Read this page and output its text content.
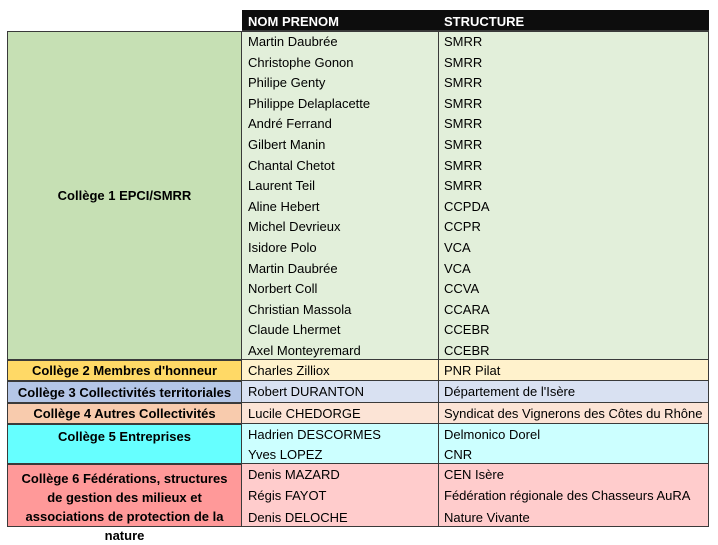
NOM PRENOM	STRUCTURE
Collège 1 EPCI/SMRR
Martin Daubrée	SMRR
Christophe Gonon	SMRR
Philipe Genty	SMRR
Philippe Delaplacette	SMRR
André Ferrand	SMRR
Gilbert Manin	SMRR
Chantal Chetot	SMRR
Laurent Teil	SMRR
Aline Hebert	CCPDA
Michel Devrieux	CCPR
Isidore Polo	VCA
Martin Daubrée	VCA
Norbert Coll	CCVA
Christian Massola	CCARA
Claude Lhermet	CCEBR
Axel Monteyremard	CCEBR
Collège 2 Membres d'honneur	Charles Zilliox	PNR Pilat
Collège 3 Collectivités territoriales	Robert DURANTON	Département de l'Isère
Collège 4 Autres Collectivités	Lucile CHEDORGE	Syndicat des Vignerons des Côtes du Rhône
Collège 5 Entreprises	Hadrien DESCORMES	Delmonico Dorel
Yves LOPEZ	CNR
Collège 6 Fédérations, structures de gestion des milieux et associations de protection de la nature
Denis MAZARD	CEN Isère
Régis FAYOT	Fédération régionale des Chasseurs AuRA
Denis DELOCHE	Nature Vivante
